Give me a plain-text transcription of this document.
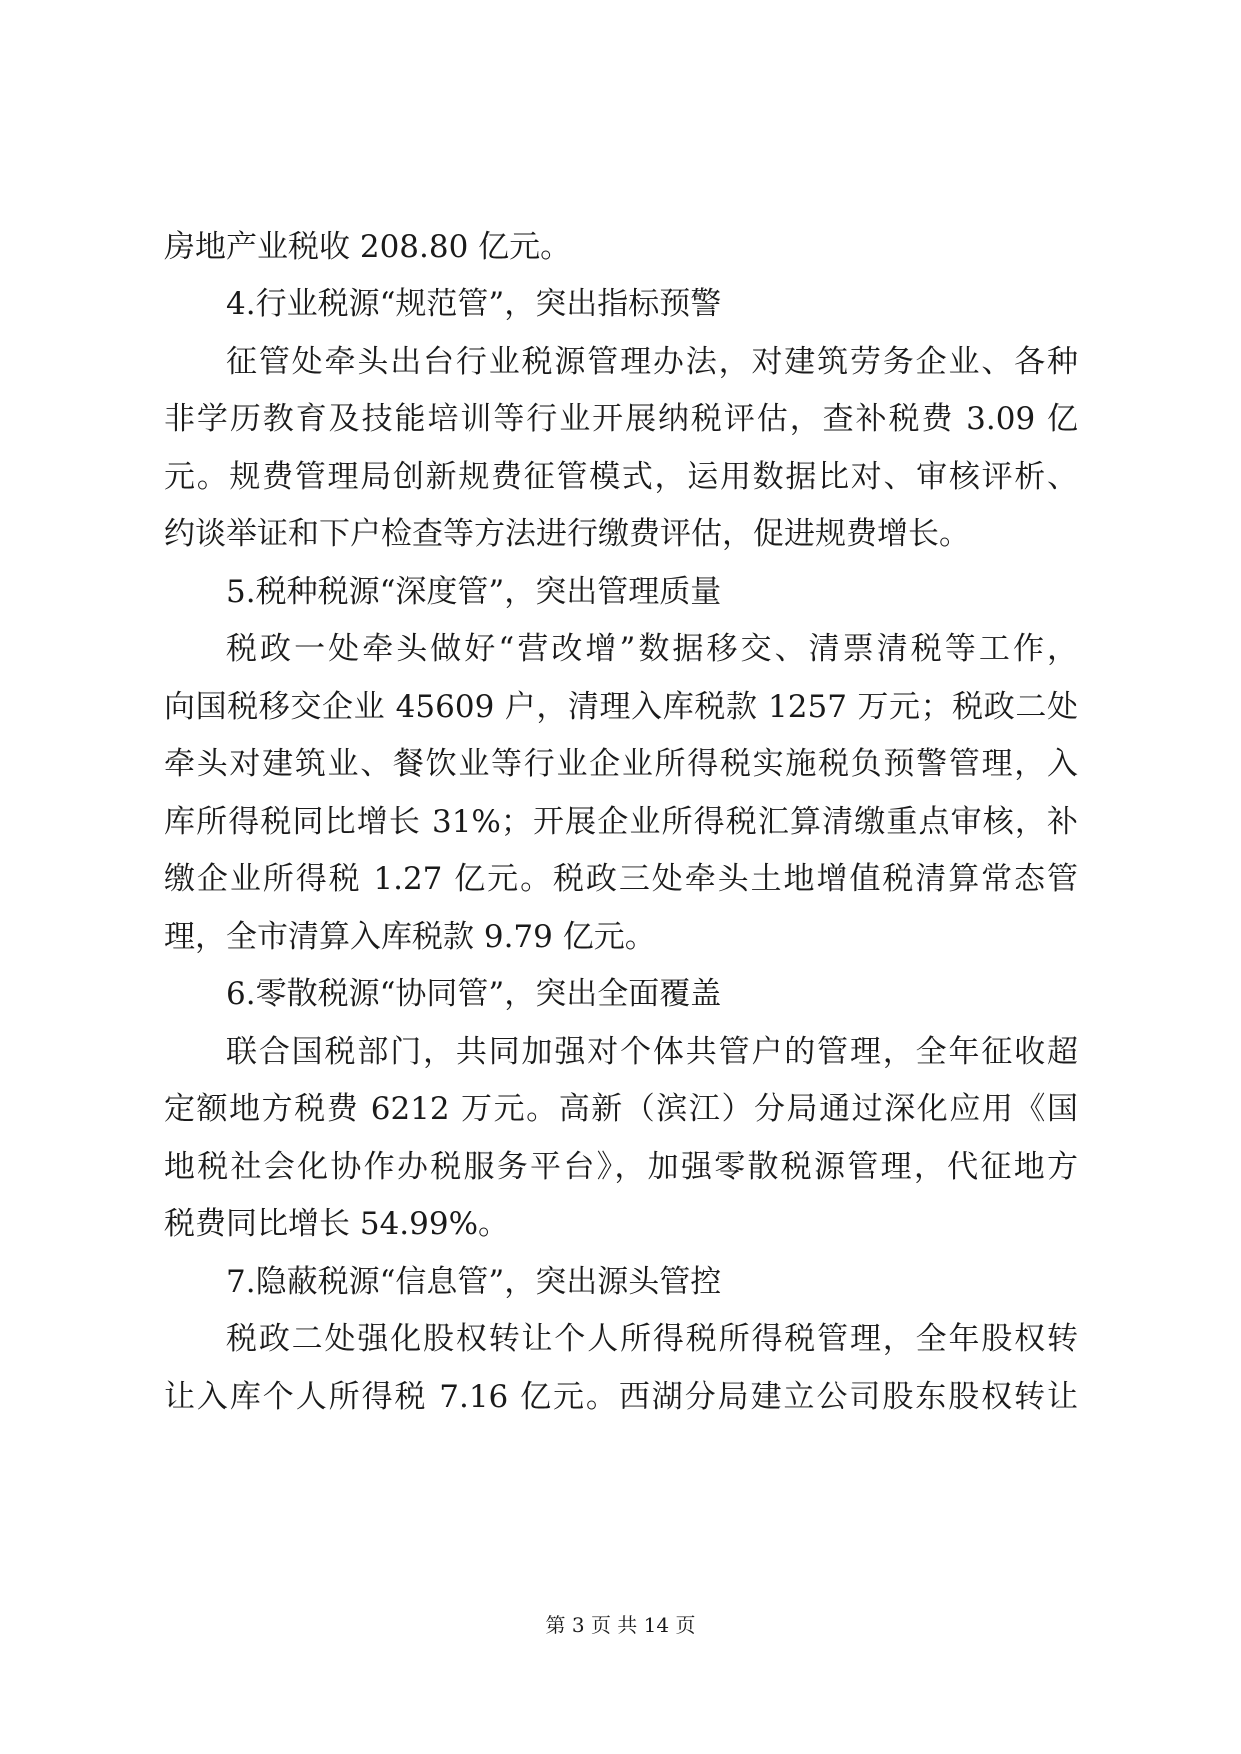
房地产业税收 208.80 亿元。
4.行业税源“规范管”，突出指标预警
征管处牵头出台行业税源管理办法，对建筑劳务企业、各种
非学历教育及技能培训等行业开展纳税评估，查补税费 3.09 亿
元。规费管理局创新规费征管模式，运用数据比对、审核评析、
约谈举证和下户检查等方法进行缴费评估，促进规费增长。
5.税种税源“深度管”，突出管理质量
税政一处牵头做好“营改增”数据移交、清票清税等工作，
向国税移交企业 45609 户，清理入库税款 1257 万元；税政二处
牵头对建筑业、餐饮业等行业企业所得税实施税负预警管理，入
库所得税同比增长 31%；开展企业所得税汇算清缴重点审核，补
缴企业所得税 1.27 亿元。税政三处牵头土地增值税清算常态管
理，全市清算入库税款 9.79 亿元。
6.零散税源“协同管”，突出全面覆盖
联合国税部门，共同加强对个体共管户的管理，全年征收超
定额地方税费 6212 万元。高新（滨江）分局通过深化应用《国
地税社会化协作办税服务平台》，加强零散税源管理，代征地方
税费同比增长 54.99%。
7.隐蔽税源“信息管”，突出源头管控
税政二处强化股权转让个人所得税所得税管理，全年股权转
让入库个人所得税 7.16 亿元。西湖分局建立公司股东股权转让
第 3 页 共 14 页
